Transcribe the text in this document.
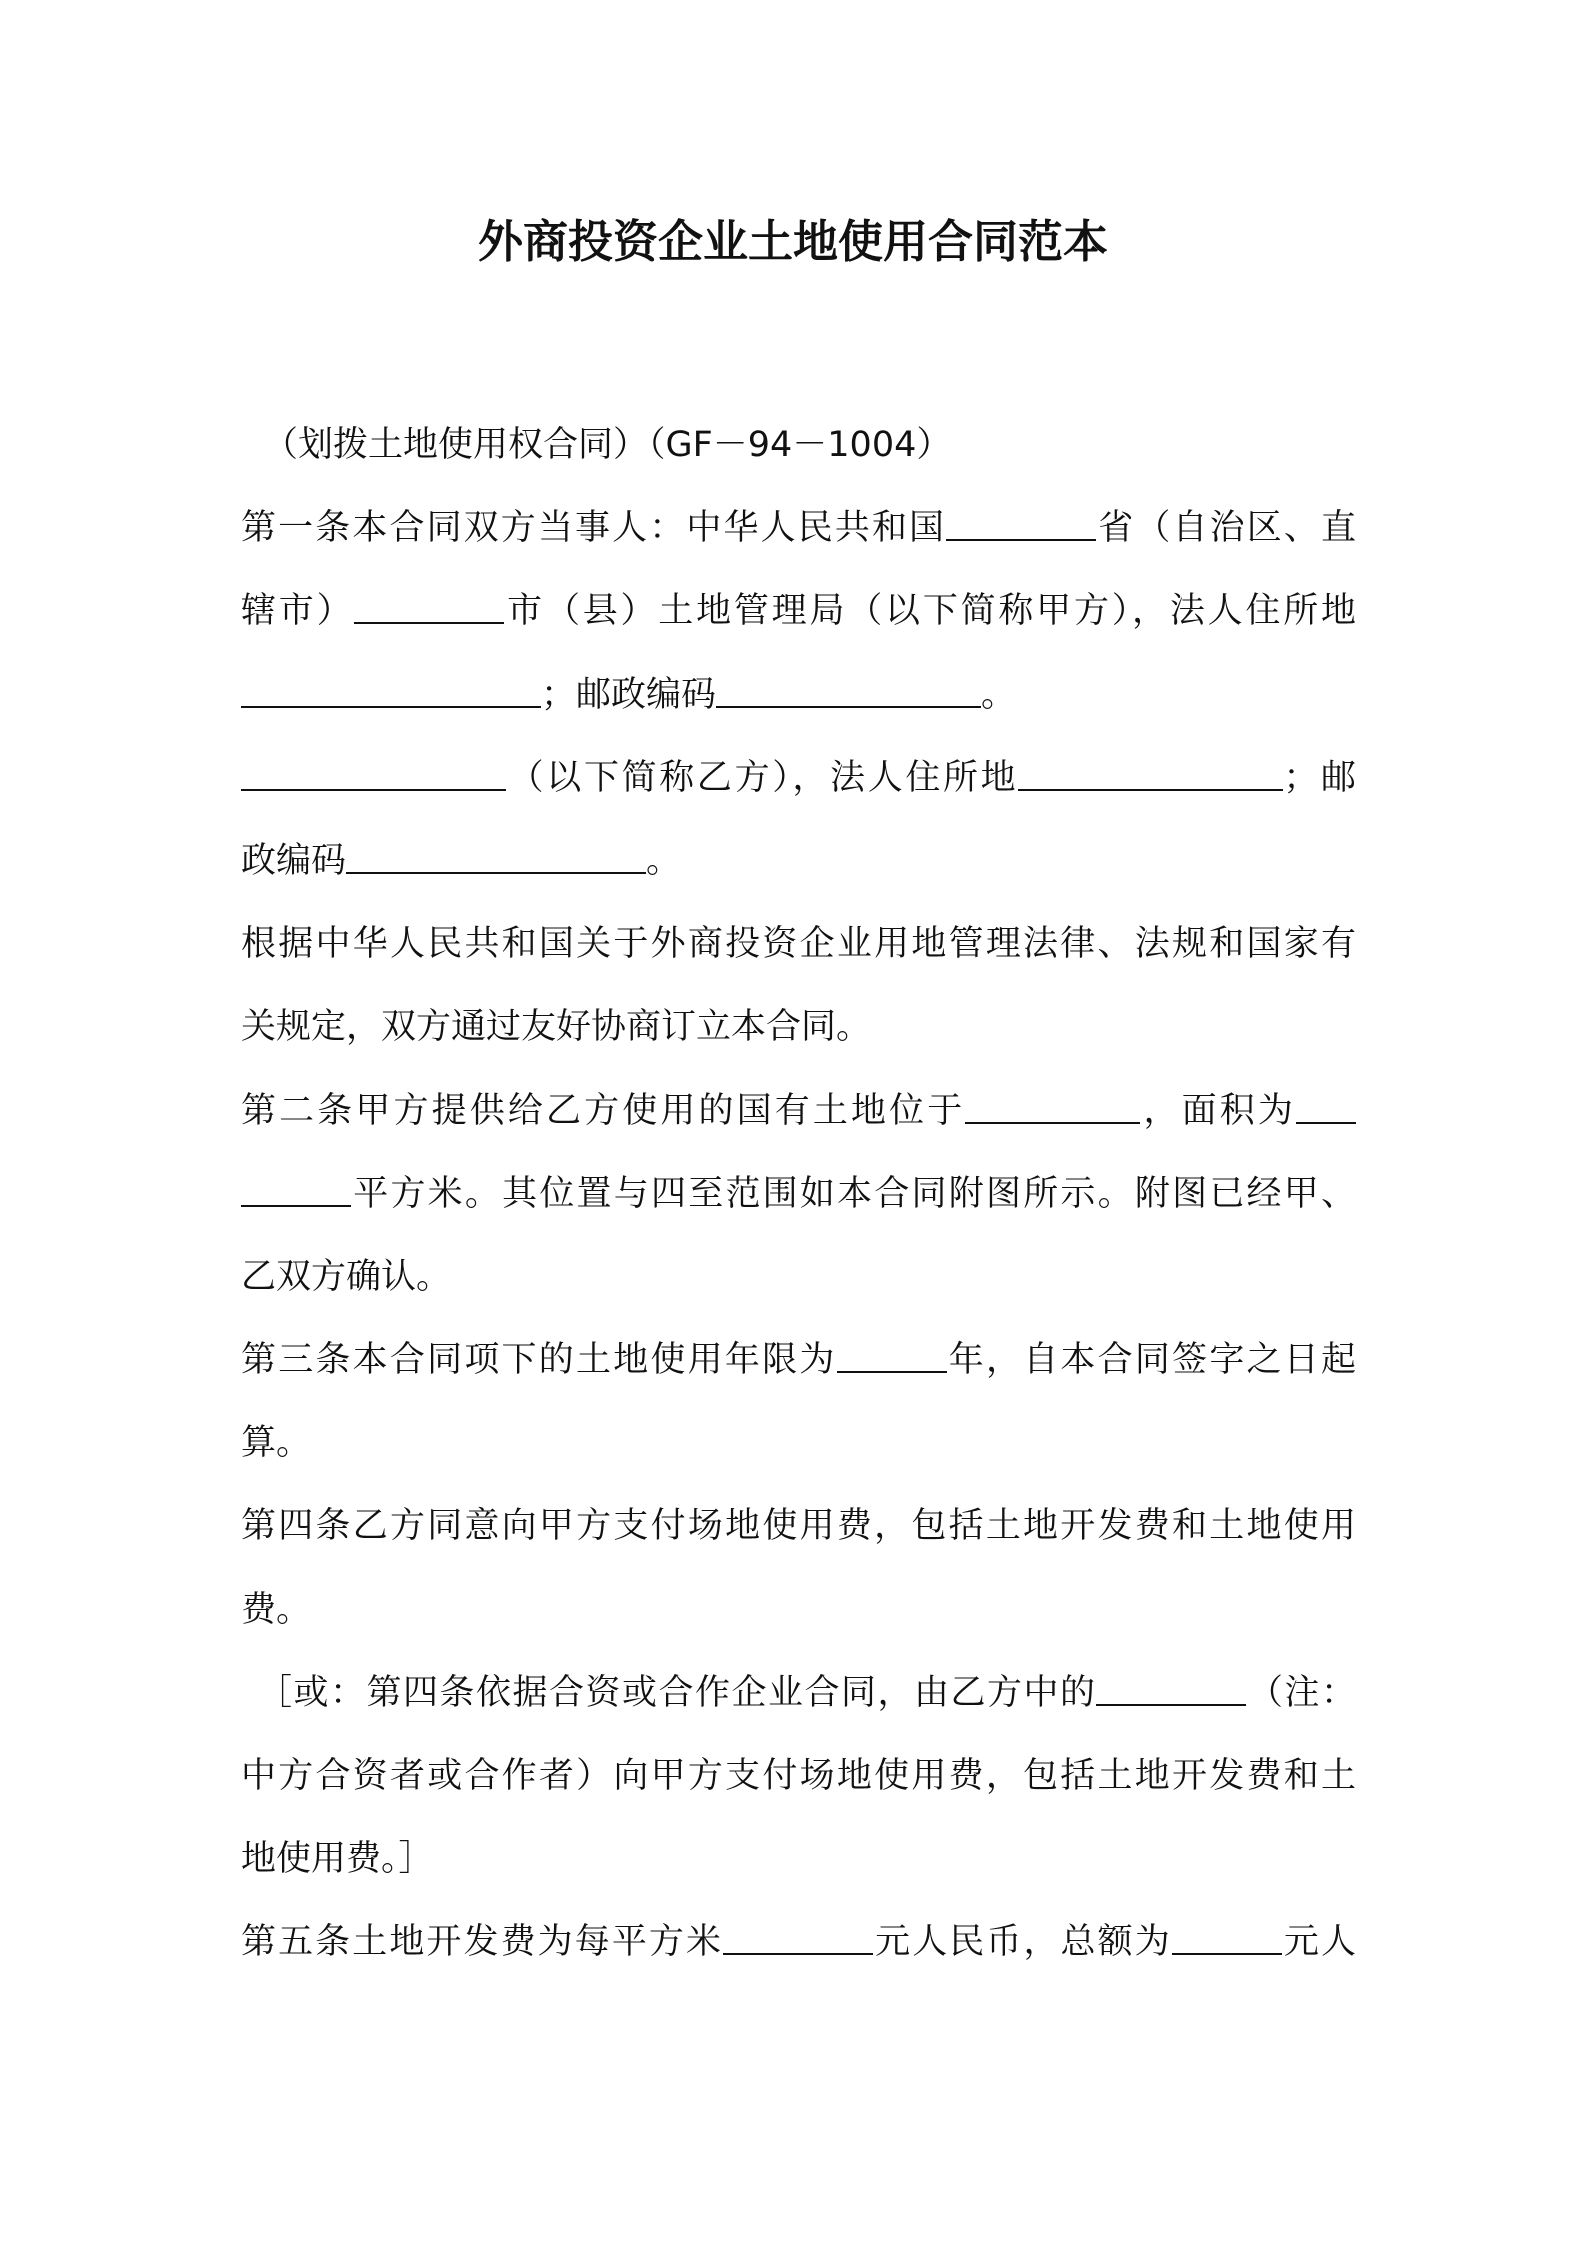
外商投资企业土地使用合同范本
（划拨土地使用权合同）（GF－94－1004）
第一条本合同双方当事人：中华人民共和国	省（自治区、直
辖市）	市（县）土地管理局（以下简称甲方），法人住所地
；邮政编码	。
（以下简称乙方），法人住所地	；邮
政编码	。
根据中华人民共和国关于外商投资企业用地管理法律、法规和国家有
关规定，双方通过友好协商订立本合同。
第二条甲方提供给乙方使用的国有土地位于	，面积为
平方米。其位置与四至范围如本合同附图所示。附图已经甲、
乙双方确认。
第三条本合同项下的土地使用年限为	年，自本合同签字之日起
算。
第四条乙方同意向甲方支付场地使用费，包括土地开发费和土地使用
费。
［或：第四条依据合资或合作企业合同，由乙方中的	（注：
中方合资者或合作者）向甲方支付场地使用费，包括土地开发费和土
地使用费。］
第五条土地开发费为每平方米	元人民币，总额为	元人
